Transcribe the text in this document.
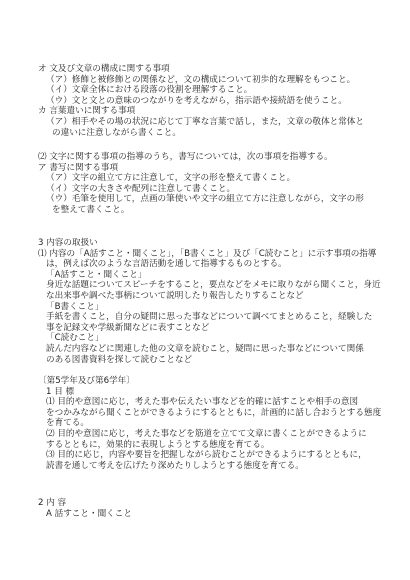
オ 文及び文章の構成に関する事項
（ア）修飾と被修飾との関係など，文の構成について初歩的な理解をもつこと。
（イ）文章全体における段落の役割を理解すること。
（ウ）文と文との意味のつながりを考えながら，指示語や接続語を使うこと。
カ 言葉遣いに関する事項
（ア）相手やその場の状況に応じて丁寧な言葉で話し，また，文章の敬体と常体と
の違いに注意しながら書くこと。
⑵ 文字に関する事項の指導のうち，書写については，次の事項を指導する。
ア 書写に関する事項
（ア）文字の組立て方に注意して，文字の形を整えて書くこと。
（イ）文字の大きさや配列に注意して書くこと。
（ウ）毛筆を使用して，点画の筆使いや文字の組立て方に注意しながら，文字の形
を整えて書くこと。
3 内容の取扱い
⑴ 内容の「A話すこと・聞くこと」，「B書くこと」及び「C読むこと」に示す事項の指導
は，例えば次のような言語活動を通して指導するものとする。
「A話すこと・聞くこと」
身近な話題についてスピーチをすること，要点などをメモに取りながら聞くこと，身近
な出来事や調べた事柄について説明したり報告したりすることなど
「B書くこと」
手紙を書くこと，自分の疑問に思った事などについて調べてまとめること，経験した
事を記録文や学級新聞などに表すことなど
「C読むこと」
読んだ内容などに関連した他の文章を読むこと，疑問に思った事などについて関係
のある図書資料を探して読むことなど
〔第5学年及び第6学年〕
1 目 標
⑴ 目的や意図に応じ，考えた事や伝えたい事などを的確に話すことや相手の意図
をつかみながら聞くことができるようにするとともに，計画的に話し合おうとする態度
を育てる。
⑵ 目的や意図に応じ，考えた事などを筋道を立てて文章に書くことができるように
するとともに，効果的に表現しようとする態度を育てる。
⑶ 目的に応じ，内容や要旨を把握しながら読むことができるようにするとともに，
読書を通して考えを広げたり深めたりしようとする態度を育てる。
2 内 容
A 話すこと・聞くこと
